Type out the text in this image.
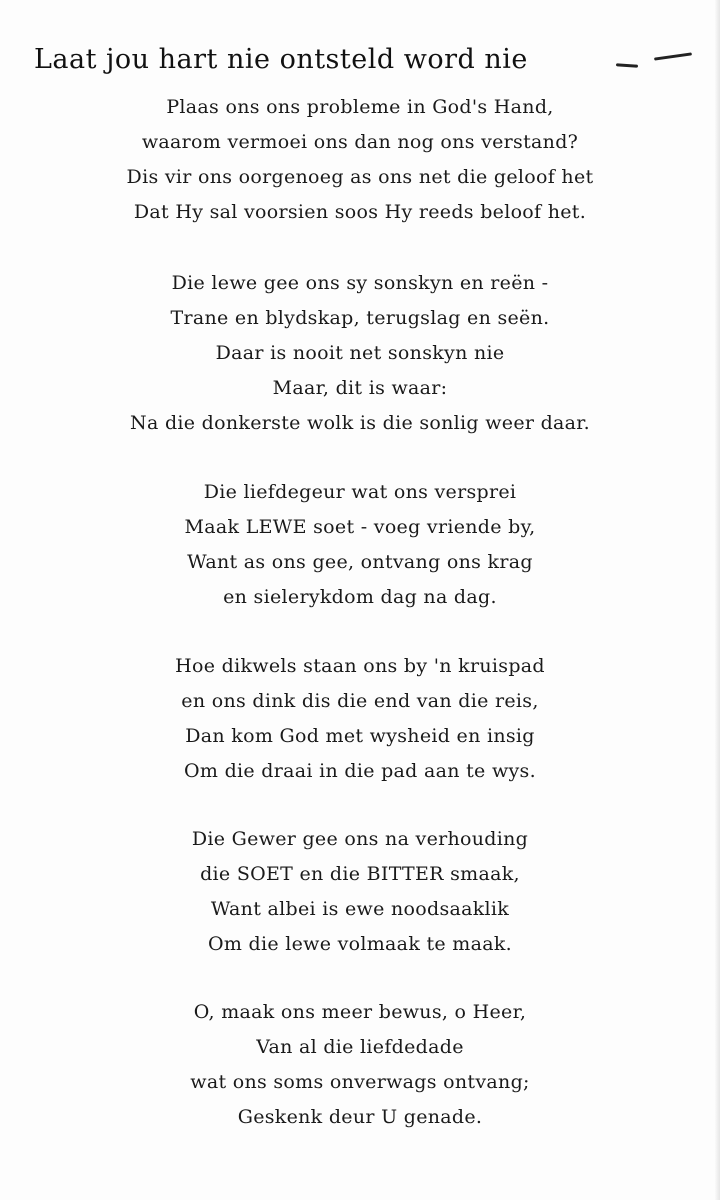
Laat jou hart nie ontsteld word nie
Plaas ons ons probleme in God's Hand,
waarom vermoei ons dan nog ons verstand?
Dis vir ons oorgenoeg as ons net die geloof het
Dat Hy sal voorsien soos Hy reeds beloof het.
Die lewe gee ons sy sonskyn en reën -
Trane en blydskap, terugslag en seën.
Daar is nooit net sonskyn nie
Maar, dit is waar:
Na die donkerste wolk is die sonlig weer daar.
Die liefdegeur wat ons versprei
Maak LEWE soet - voeg vriende by,
Want as ons gee, ontvang ons krag
en sielerykdom dag na dag.
Hoe dikwels staan ons by 'n kruispad
en ons dink dis die end van die reis,
Dan kom God met wysheid en insig
Om die draai in die pad aan te wys.
Die Gewer gee ons na verhouding
die SOET en die BITTER smaak,
Want albei is ewe noodsaaklik
Om die lewe volmaak te maak.
O, maak ons meer bewus, o Heer,
Van al die liefdedade
wat ons soms onverwags ontvang;
Geskenk deur U genade.
